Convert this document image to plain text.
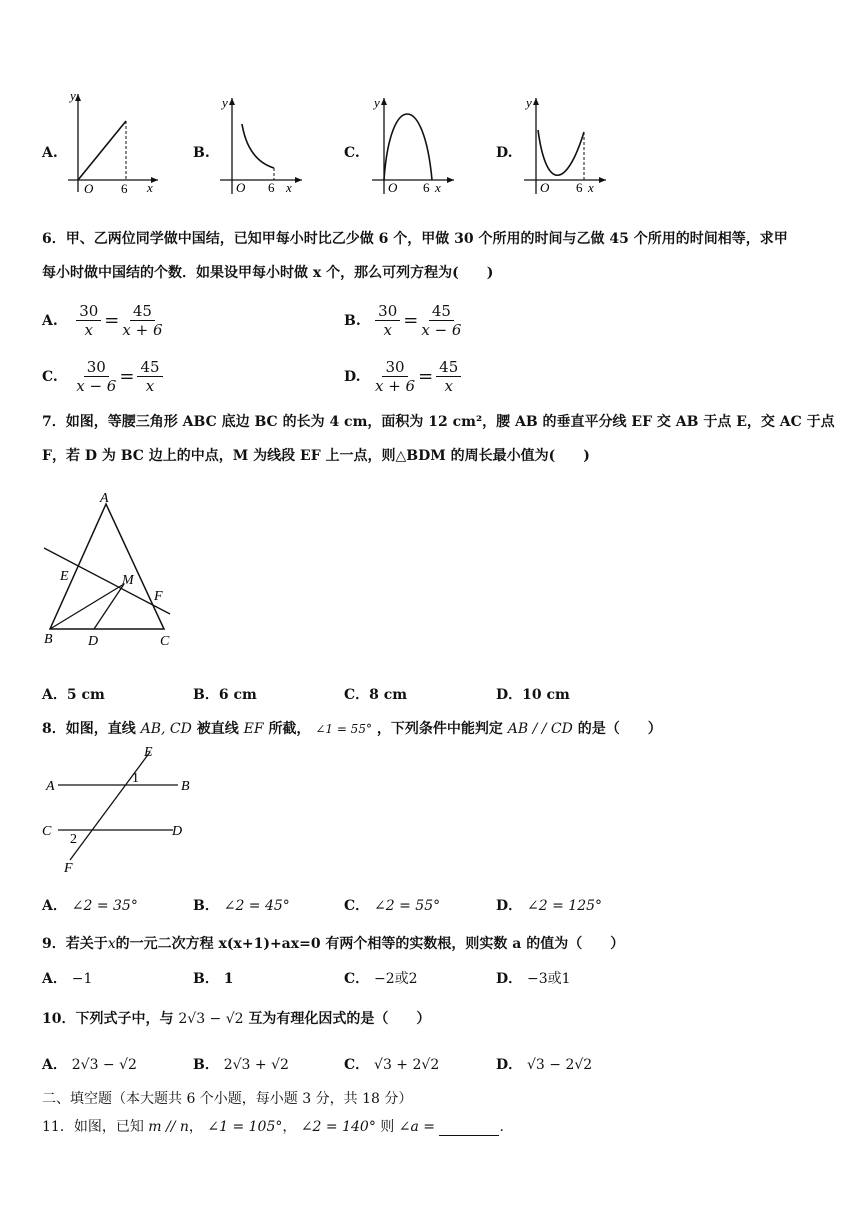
A.
y
O 6 x
B.
y
O 6 x
C.
y
O 6 x
D.
y
O 6 x
6．甲、乙两位同学做中国结，已知甲每小时比乙少做 6 个，甲做 30 个所用的时间与乙做 45 个所用的时间相等，求甲
每小时做中国结的个数．如果设甲每小时做 x 个，那么可列方程为(　　)
A. $\frac{30}{x} = \frac{45}{x + 6}$	B. $\frac{30}{x} = \frac{45}{x - 6}$
C. $\frac{30}{x - 6} = \frac{45}{x}$	D. $\frac{30}{x + 6} = \frac{45}{x}$
7．如图，等腰三角形 ABC 底边 BC 的长为 4 cm，面积为 12 cm²，腰 AB 的垂直平分线 EF 交 AB 于点 E，交 AC 于点
F，若 D 为 BC 边上的中点，M 为线段 EF 上一点，则△BDM 的周长最小值为(　　)
A
B	C
D
E
F
M
A．5 cm	B．6 cm	C．8 cm	D．10 cm
8．如图，直线 AB, CD 被直线 EF 所截， ∠1 = 55° ，下列条件中能判定 AB / / CD 的是（　　）
E
A	B
C	D
F
1
2
A． ∠2 = 35°	B． ∠2 = 45°	C． ∠2 = 55°	D． ∠2 = 125°
9．若关于x的一元二次方程 x(x+1)+ax=0 有两个相等的实数根，则实数 a 的值为（　　）
A． −1	B． 1	C． −2或2	D． −3或1
10．下列式子中，与 2√3 − √2 互为有理化因式的是（　　）
A． 2√3 − √2	B． 2√3 + √2	C． √3 + 2√2	D． √3 − 2√2
二、填空题（本大题共 6 个小题，每小题 3 分，共 18 分）
11．如图，已知 m // n， ∠1 = 105°， ∠2 = 140° 则 ∠a =	.
